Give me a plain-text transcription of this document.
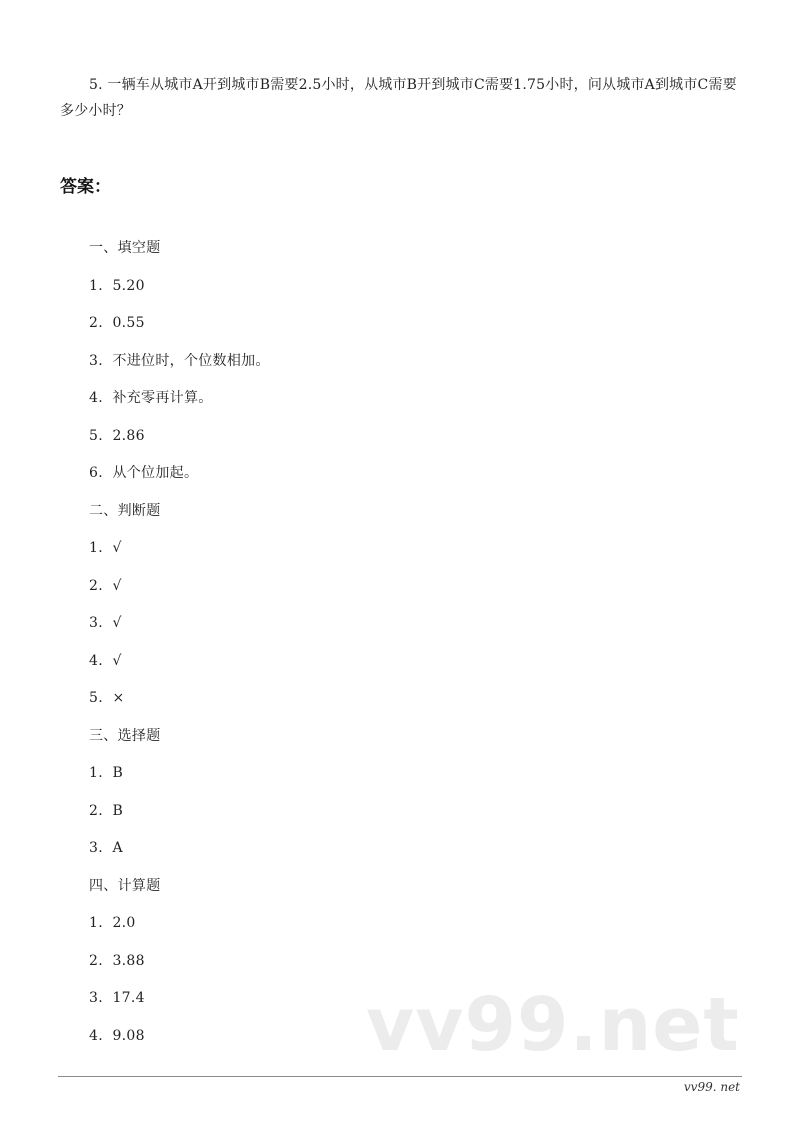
5. 一辆车从城市A开到城市B需要2.5小时，从城市B开到城市C需要1.75小时，问从城市A到城市C需要多少小时？

答案：
一、填空题
1.  5.20
2.  0.55
3.  不进位时，个位数相加。
4.  补充零再计算。
5.  2.86
6.  从个位加起。
二、判断题
1.  √
2.  √
3.  √
4.  √
5.  ×
三、选择题
1.  B
2.  B
3.  A
四、计算题
1.  2.0
2.  3.88
3.  17.4
4.  9.08	vv99.net
vv99. net
